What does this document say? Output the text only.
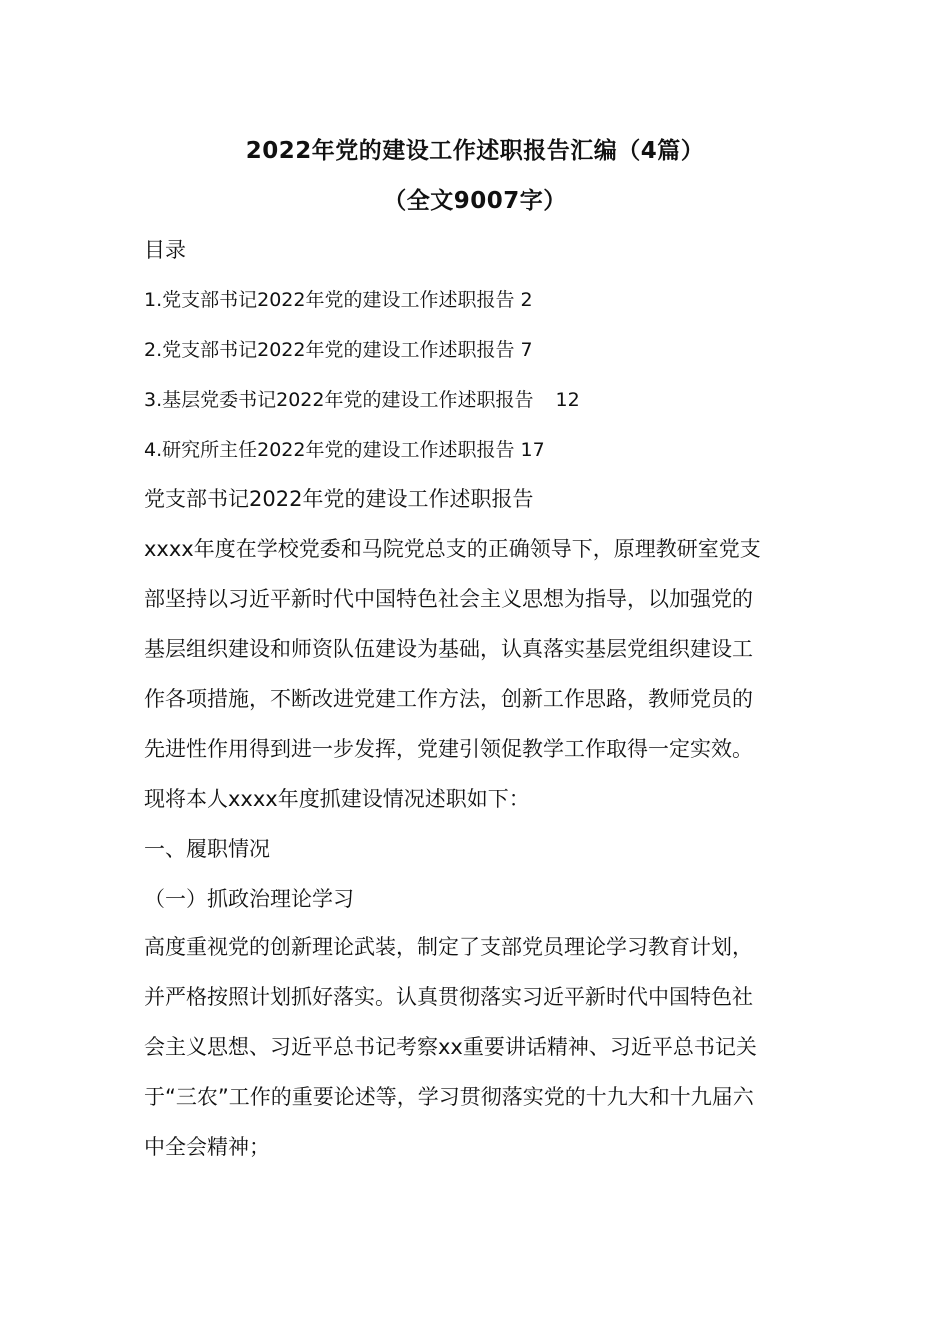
2022年党的建设工作述职报告汇编（4篇）
（全文9007字）
目录
1.党支部书记2022年党的建设工作述职报告 2
2.党支部书记2022年党的建设工作述职报告 7
3.基层党委书记2022年党的建设工作述职报告 12
4.研究所主任2022年党的建设工作述职报告 17
党支部书记2022年党的建设工作述职报告
xxxx年度在学校党委和马院党总支的正确领导下，原理教研室党支
部坚持以习近平新时代中国特色社会主义思想为指导，以加强党的
基层组织建设和师资队伍建设为基础，认真落实基层党组织建设工
作各项措施，不断改进党建工作方法，创新工作思路，教师党员的
先进性作用得到进一步发挥，党建引领促教学工作取得一定实效。
现将本人xxxx年度抓建设情况述职如下：
一、履职情况
（一）抓政治理论学习
高度重视党的创新理论武装，制定了支部党员理论学习教育计划，
并严格按照计划抓好落实。认真贯彻落实习近平新时代中国特色社
会主义思想、习近平总书记考察xx重要讲话精神、习近平总书记关
于“三农”工作的重要论述等，学习贯彻落实党的十九大和十九届六
中全会精神；
